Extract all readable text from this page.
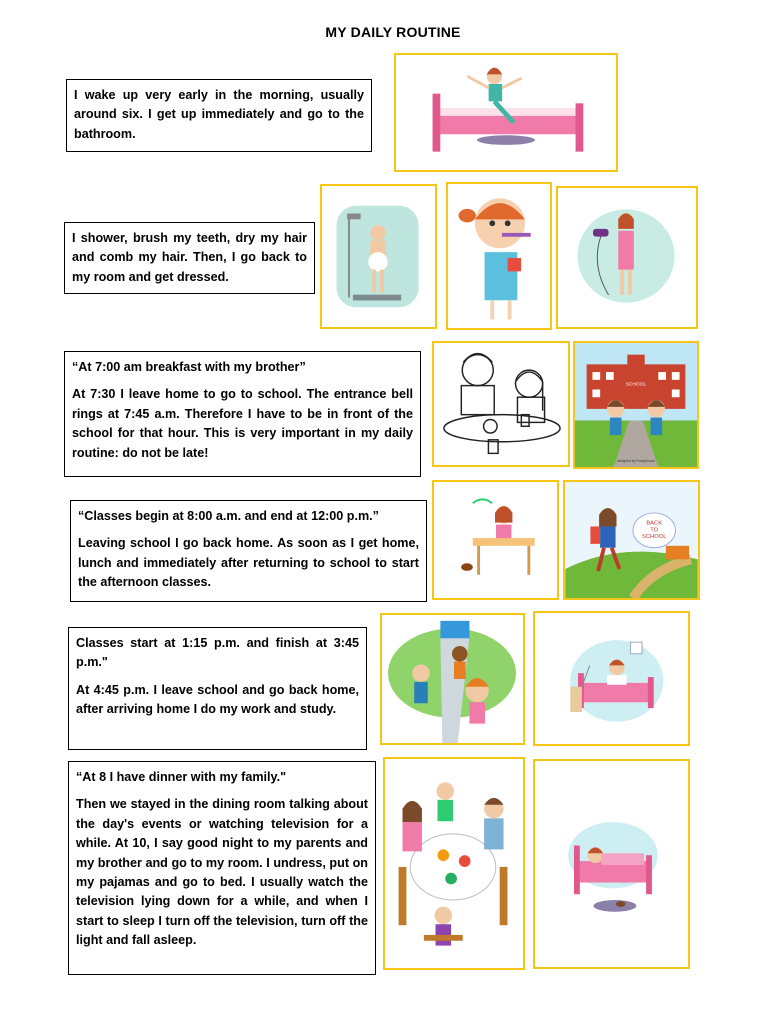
MY DAILY ROUTINE

I wake up very early in the morning, usually around six. I get up immediately and go to the bathroom.

I shower, brush my teeth, dry my hair and comb my hair. Then, I go back to my room and get dressed.

“At 7:00 am breakfast with my brother”

At 7:30 I leave home to go to school. The entrance bell rings at 7:45 a.m. Therefore I have to be in front of the school for that hour. This is very important in my daily routine: do not be late!

SCHOOL
designed by Freepik.com

“Classes begin at 8:00 a.m. and end at 12:00 p.m.”

Leaving school I go back home. As soon as I get home, lunch and immediately after returning to school to start the afternoon classes.

BACK
TO
SCHOOL

Classes start at 1:15 p.m. and finish at 3:45 p.m."

At 4:45 p.m. I leave school and go back home, after arriving home I do my work and study.

“At 8 I have dinner with my family."

Then we stayed in the dining room talking about the day's events or watching television for a while. At 10, I say good night to my parents and my brother and go to my room. I undress, put on my pajamas and go to bed. I usually watch the television lying down for a while, and when I start to sleep I turn off the television, turn off the light and fall asleep.
